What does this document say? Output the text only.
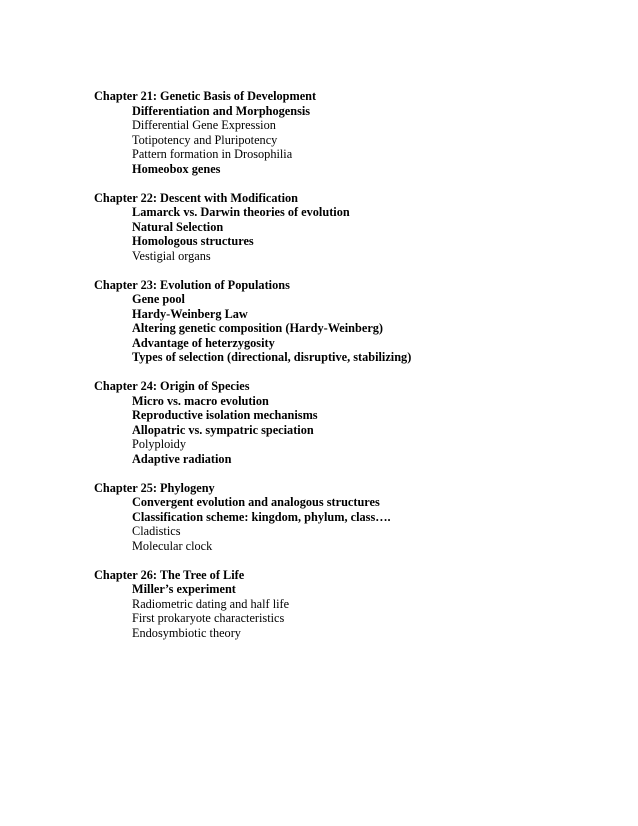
Chapter 21: Genetic Basis of Development
Differentiation and Morphogensis
Differential Gene Expression
Totipotency and Pluripotency
Pattern formation in Drosophilia
Homeobox genes
Chapter 22: Descent with Modification
Lamarck vs. Darwin theories of evolution
Natural Selection
Homologous structures
Vestigial organs
Chapter 23: Evolution of Populations
Gene pool
Hardy-Weinberg Law
Altering genetic composition (Hardy-Weinberg)
Advantage of heterzygosity
Types of selection (directional, disruptive, stabilizing)
Chapter 24: Origin of Species
Micro vs. macro evolution
Reproductive isolation mechanisms
Allopatric vs. sympatric speciation
Polyploidy
Adaptive radiation
Chapter 25: Phylogeny
Convergent evolution and analogous structures
Classification scheme: kingdom, phylum, class….
Cladistics
Molecular clock
Chapter 26: The Tree of Life
Miller’s experiment
Radiometric dating and half life
First prokaryote characteristics
Endosymbiotic theory
